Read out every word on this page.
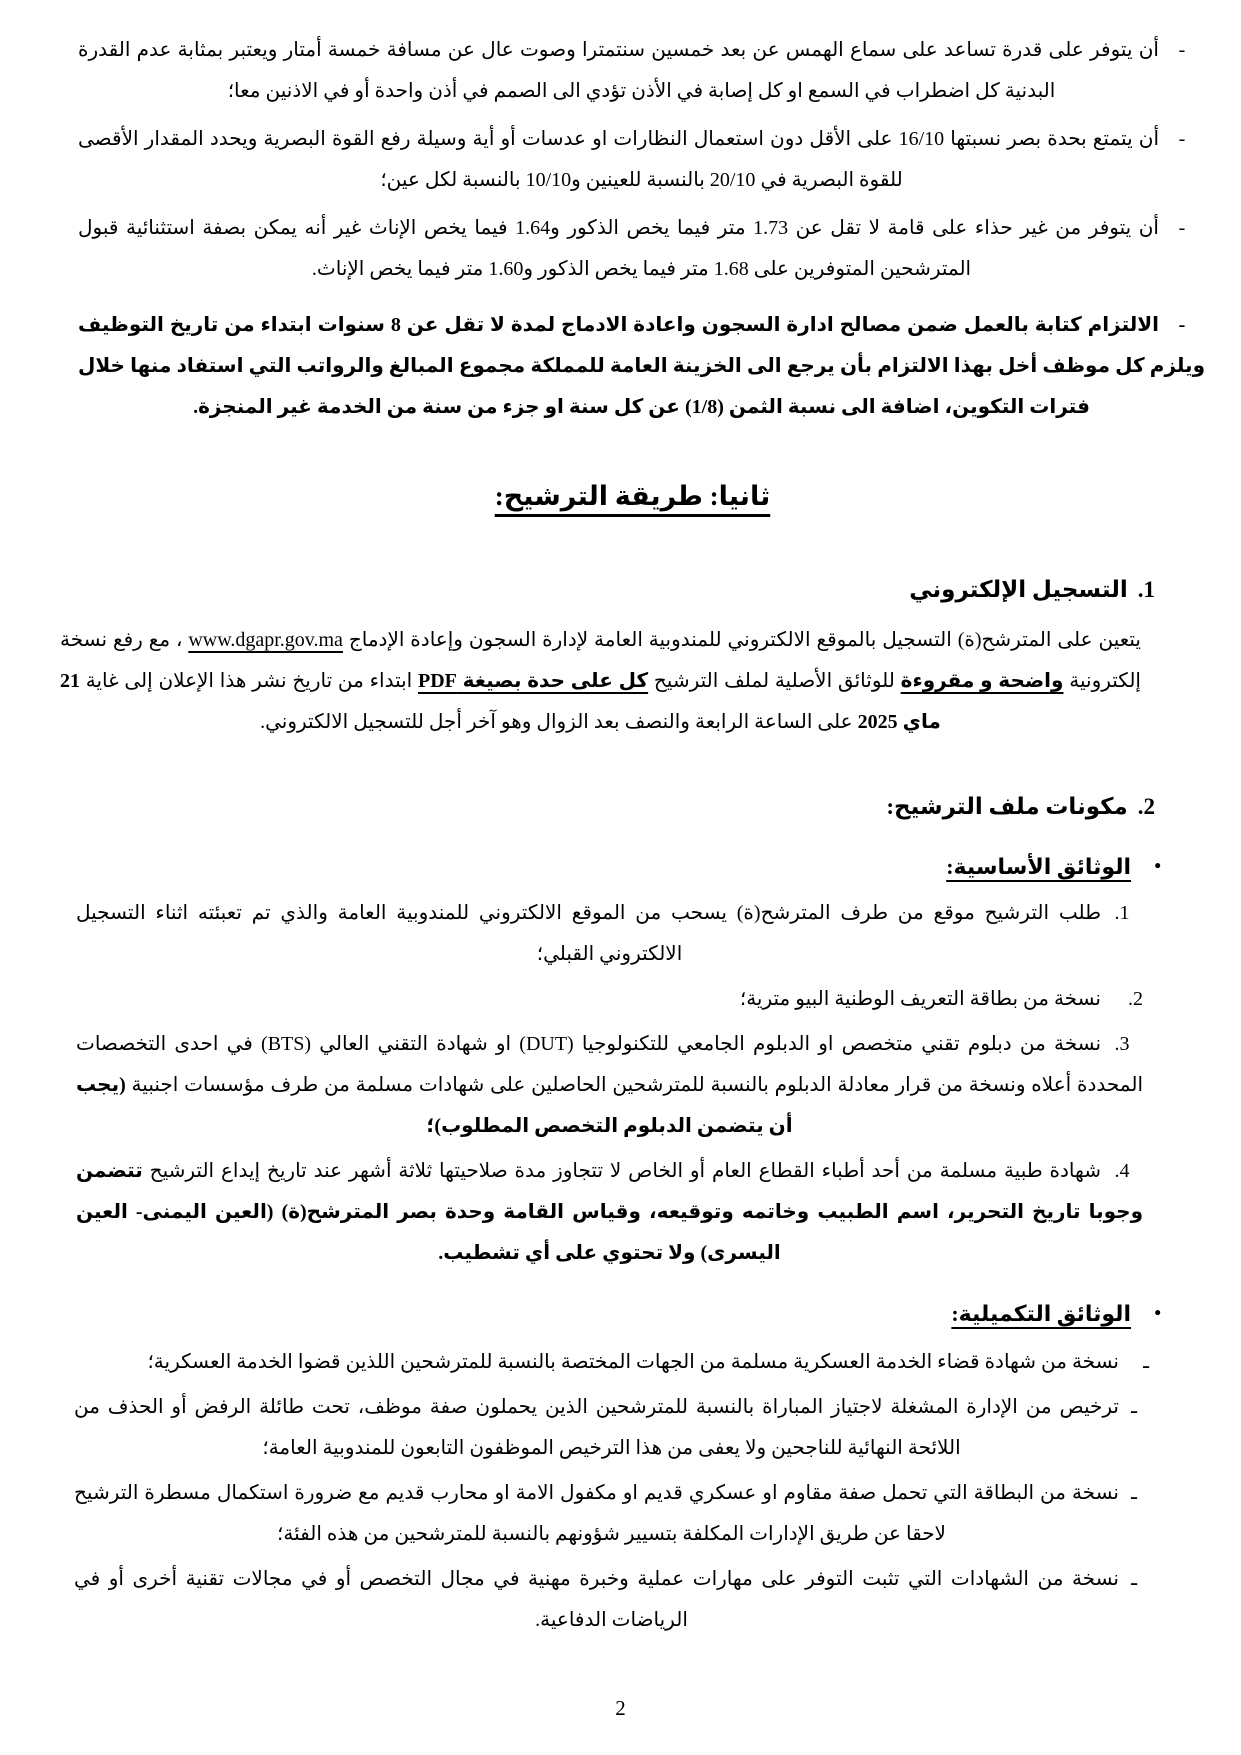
-أن يتوفر على قدرة تساعد على سماع الهمس عن بعد خمسين سنتمترا وصوت عال عن مسافة خمسة أمتار ويعتبر بمثابة عدم القدرة البدنية كل اضطراب في السمع او كل إصابة في الأذن تؤدي الى الصمم في أذن واحدة أو في الاذنين معا؛

-أن يتمتع بحدة بصر نسبتها 16/10 على الأقل دون استعمال النظارات او عدسات أو أية وسيلة رفع القوة البصرية ويحدد المقدار الأقصى للقوة البصرية في 20/10 بالنسبة للعينين و10/10 بالنسبة لكل عين؛

-أن يتوفر من غير حذاء على قامة لا تقل عن 1.73 متر فيما يخص الذكور و1.64 فيما يخص الإناث غير أنه يمكن بصفة استثنائية قبول المترشحين المتوفرين على 1.68 متر فيما يخص الذكور و1.60 متر فيما يخص الإناث.

-الالتزام كتابة بالعمل ضمن مصالح ادارة السجون واعادة الادماج لمدة لا تقل عن 8 سنوات ابتداء من تاريخ التوظيف ويلزم كل موظف أخل بهذا الالتزام بأن يرجع الى الخزينة العامة للمملكة مجموع المبالغ والرواتب التي استفاد منها خلال فترات التكوين، اضافة الى نسبة الثمن (1/8) عن كل سنة او جزء من سنة من الخدمة غير المنجزة.

ثانيا: طريقة الترشيح:
1.التسجيل الإلكتروني

يتعين على المترشح(ة) التسجيل بالموقع الالكتروني للمندوبية العامة لإدارة السجون وإعادة الإدماج www.dgapr.gov.ma ، مع رفع نسخة إلكترونية واضحة و مقروءة للوثائق الأصلية لملف الترشيح كل على حدة بصيغة PDF ابتداء من تاريخ نشر هذا الإعلان إلى غاية 21 ماي 2025 على الساعة الرابعة والنصف بعد الزوال وهو آخر أجل للتسجيل الالكتروني.

2.مكونات ملف الترشيح:
•الوثائق الأساسية:
1.طلب الترشيح موقع من طرف المترشح(ة) يسحب من الموقع الالكتروني للمندوبية العامة والذي تم تعبئته اثناء التسجيل الالكتروني القبلي؛
2.نسخة من بطاقة التعريف الوطنية البيو مترية؛
3.نسخة من دبلوم تقني متخصص او الدبلوم الجامعي للتكنولوجيا (DUT) او شهادة التقني العالي (BTS) في احدى التخصصات المحددة أعلاه ونسخة من قرار معادلة الدبلوم بالنسبة للمترشحين الحاصلين على شهادات مسلمة من طرف مؤسسات اجنبية (يجب أن يتضمن الدبلوم التخصص المطلوب)؛
4.شهادة طبية مسلمة من أحد أطباء القطاع العام أو الخاص لا تتجاوز مدة صلاحيتها ثلاثة أشهر عند تاريخ إيداع الترشيح تتضمن وجوبا تاريخ التحرير، اسم الطبيب وخاتمه وتوقيعه، وقياس القامة وحدة بصر المترشح(ة) (العين اليمنى- العين اليسرى) ولا تحتوي على أي تشطيب.
•الوثائق التكميلية:

ـنسخة من شهادة قضاء الخدمة العسكرية مسلمة من الجهات المختصة بالنسبة للمترشحين اللذين قضوا الخدمة العسكرية؛

ـترخيص من الإدارة المشغلة لاجتياز المباراة بالنسبة للمترشحين الذين يحملون صفة موظف، تحت طائلة الرفض أو الحذف من اللائحة النهائية للناجحين ولا يعفى من هذا الترخيص الموظفون التابعون للمندوبية العامة؛

ـنسخة من البطاقة التي تحمل صفة مقاوم او عسكري قديم او مكفول الامة او محارب قديم مع ضرورة استكمال مسطرة الترشيح لاحقا عن طريق الإدارات المكلفة بتسيير شؤونهم بالنسبة للمترشحين من هذه الفئة؛

ـنسخة من الشهادات التي تثبت التوفر على مهارات عملية وخبرة مهنية في مجال التخصص أو في مجالات تقنية أخرى أو في الرياضات الدفاعية.

2
